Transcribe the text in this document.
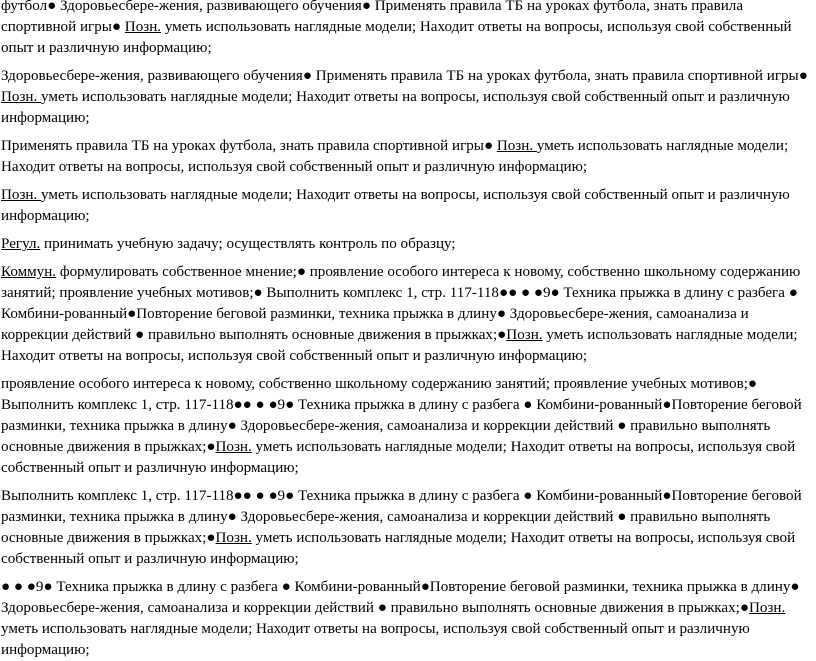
футбол● Здоровьесбере-жения, развивающего обучения● Применять правила ТБ на уроках футбола, знать правила спортивной игры● Позн. уметь использовать наглядные модели; Находит ответы на вопросы, используя свой собственный опыт и различную информацию;

Здоровьесбере-жения, развивающего обучения● Применять правила ТБ на уроках футбола, знать правила спортивной игры● Позн. уметь использовать наглядные модели; Находит ответы на вопросы, используя свой собственный опыт и различную информацию;

Применять правила ТБ на уроках футбола, знать правила спортивной игры● Позн. уметь использовать наглядные модели; Находит ответы на вопросы, используя свой собственный опыт и различную информацию;

Позн. уметь использовать наглядные модели; Находит ответы на вопросы, используя свой собственный опыт и различную информацию;

Регул. принимать учебную задачу; осуществлять контроль по образцу;

Коммун. формулировать собственное мнение;● проявление особого интереса к новому, собственно школьному содержанию занятий; проявление учебных мотивов;● Выполнить комплекс 1, стр. 117-118●● ● ●9● Техника прыжка в длину с разбега ● Комбини-рованный●Повторение беговой разминки, техника прыжка в длину● Здоровьесбере-жения, самоанализа и коррекции действий ● правильно выполнять основные движения в прыжках;●Позн. уметь использовать наглядные модели; Находит ответы на вопросы, используя свой собственный опыт и различную информацию;

проявление особого интереса к новому, собственно школьному содержанию занятий; проявление учебных мотивов;● Выполнить комплекс 1, стр. 117-118●● ● ●9● Техника прыжка в длину с разбега ● Комбини-рованный●Повторение беговой разминки, техника прыжка в длину● Здоровьесбере-жения, самоанализа и коррекции действий ● правильно выполнять основные движения в прыжках;●Позн. уметь использовать наглядные модели; Находит ответы на вопросы, используя свой собственный опыт и различную информацию;

Выполнить комплекс 1, стр. 117-118●● ● ●9● Техника прыжка в длину с разбега ● Комбини-рованный●Повторение беговой разминки, техника прыжка в длину● Здоровьесбере-жения, самоанализа и коррекции действий ● правильно выполнять основные движения в прыжках;●Позн. уметь использовать наглядные модели; Находит ответы на вопросы, используя свой собственный опыт и различную информацию;

● ● ●9● Техника прыжка в длину с разбега ● Комбини-рованный●Повторение беговой разминки, техника прыжка в длину● Здоровьесбере-жения, самоанализа и коррекции действий ● правильно выполнять основные движения в прыжках;●Позн. уметь использовать наглядные модели; Находит ответы на вопросы, используя свой собственный опыт и различную информацию;
